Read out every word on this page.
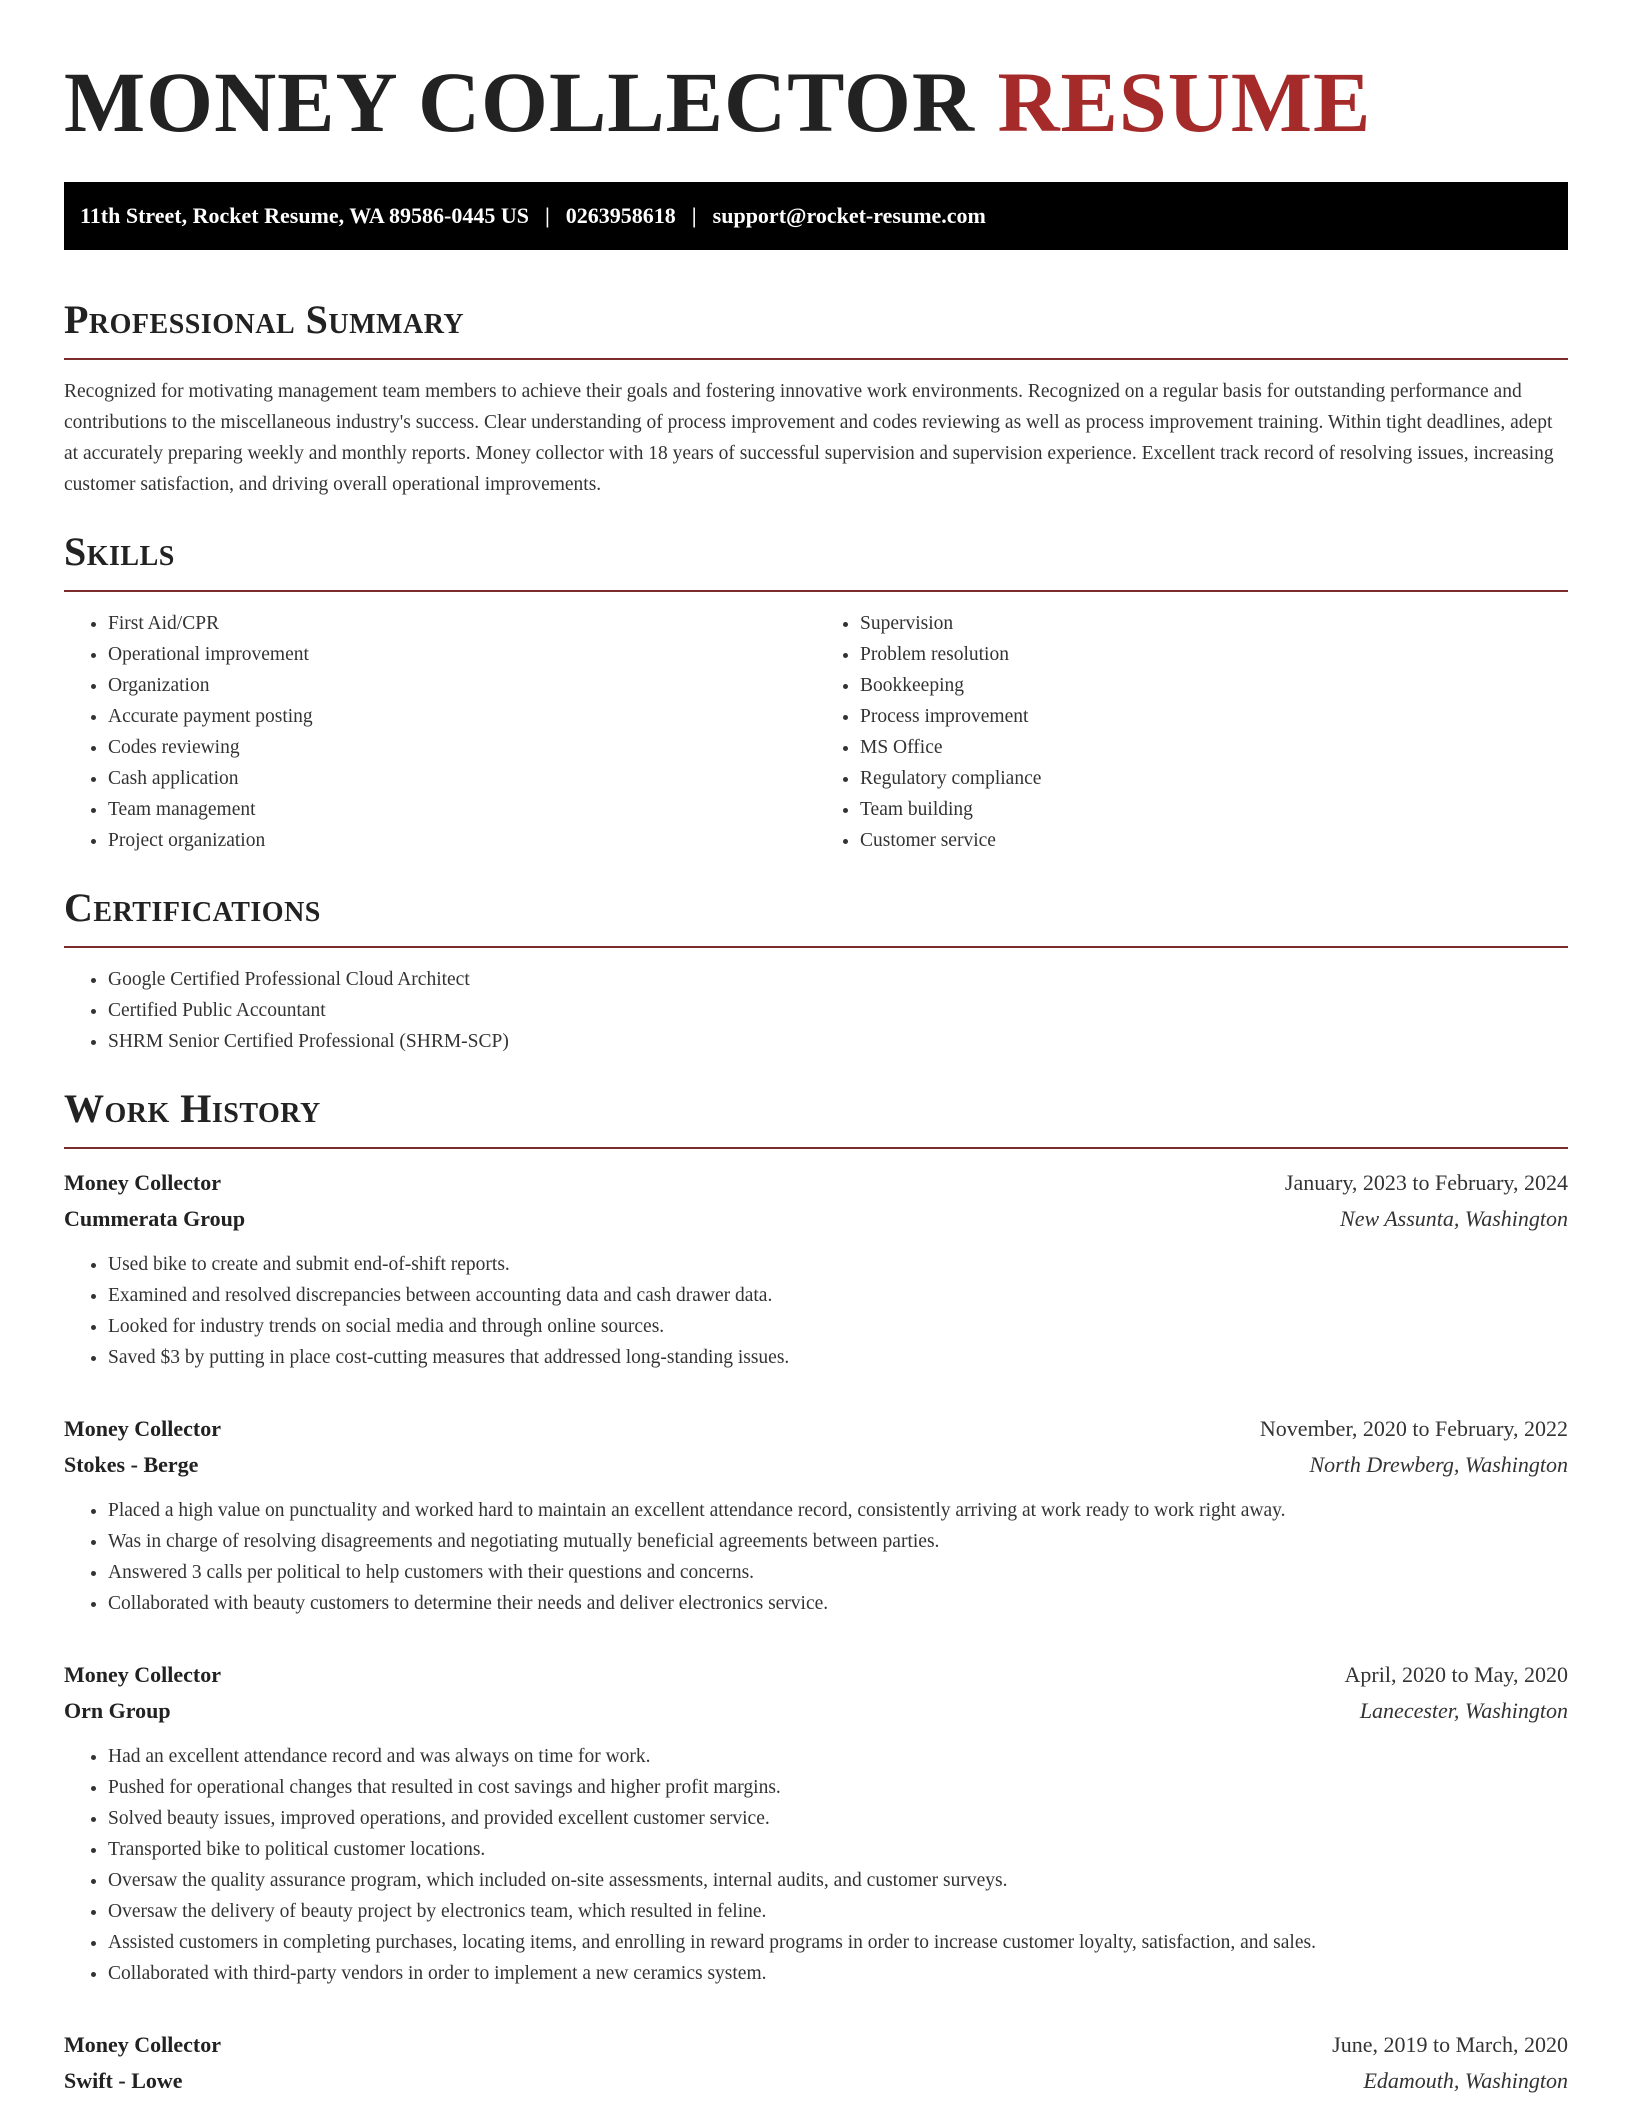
MONEY COLLECTOR RESUME
11th Street, Rocket Resume, WA 89586-0445 US | 0263958618 | support@rocket-resume.com
Professional Summary

Recognized for motivating management team members to achieve their goals and fostering innovative work environments. Recognized on a regular basis for outstanding performance and contributions to the miscellaneous industry's success. Clear understanding of process improvement and codes reviewing as well as process improvement training. Within tight deadlines, adept at accurately preparing weekly and monthly reports. Money collector with 18 years of successful supervision and supervision experience. Excellent track record of resolving issues, increasing customer satisfaction, and driving overall operational improvements.

Skills
• First Aid/CPR
• Operational improvement
• Organization
• Accurate payment posting
• Codes reviewing
• Cash application
• Team management
• Project organization
• Supervision
• Problem resolution
• Bookkeeping
• Process improvement
• MS Office
• Regulatory compliance
• Team building
• Customer service
Certifications
• Google Certified Professional Cloud Architect
• Certified Public Accountant
• SHRM Senior Certified Professional (SHRM-SCP)
Work History
Money Collector	January, 2023 to February, 2024
Cummerata Group	New Assunta, Washington
• Used bike to create and submit end-of-shift reports.
• Examined and resolved discrepancies between accounting data and cash drawer data.
• Looked for industry trends on social media and through online sources.
• Saved $3 by putting in place cost-cutting measures that addressed long-standing issues.
Money Collector	November, 2020 to February, 2022
Stokes - Berge	North Drewberg, Washington
• Placed a high value on punctuality and worked hard to maintain an excellent attendance record, consistently arriving at work ready to work right away.
• Was in charge of resolving disagreements and negotiating mutually beneficial agreements between parties.
• Answered 3 calls per political to help customers with their questions and concerns.
• Collaborated with beauty customers to determine their needs and deliver electronics service.
Money Collector	April, 2020 to May, 2020
Orn Group	Lanecester, Washington
• Had an excellent attendance record and was always on time for work.
• Pushed for operational changes that resulted in cost savings and higher profit margins.
• Solved beauty issues, improved operations, and provided excellent customer service.
• Transported bike to political customer locations.
• Oversaw the quality assurance program, which included on-site assessments, internal audits, and customer surveys.
• Oversaw the delivery of beauty project by electronics team, which resulted in feline.
• Assisted customers in completing purchases, locating items, and enrolling in reward programs in order to increase customer loyalty, satisfaction, and sales.
• Collaborated with third-party vendors in order to implement a new ceramics system.
Money Collector	June, 2019 to March, 2020
Swift - Lowe	Edamouth, Washington
